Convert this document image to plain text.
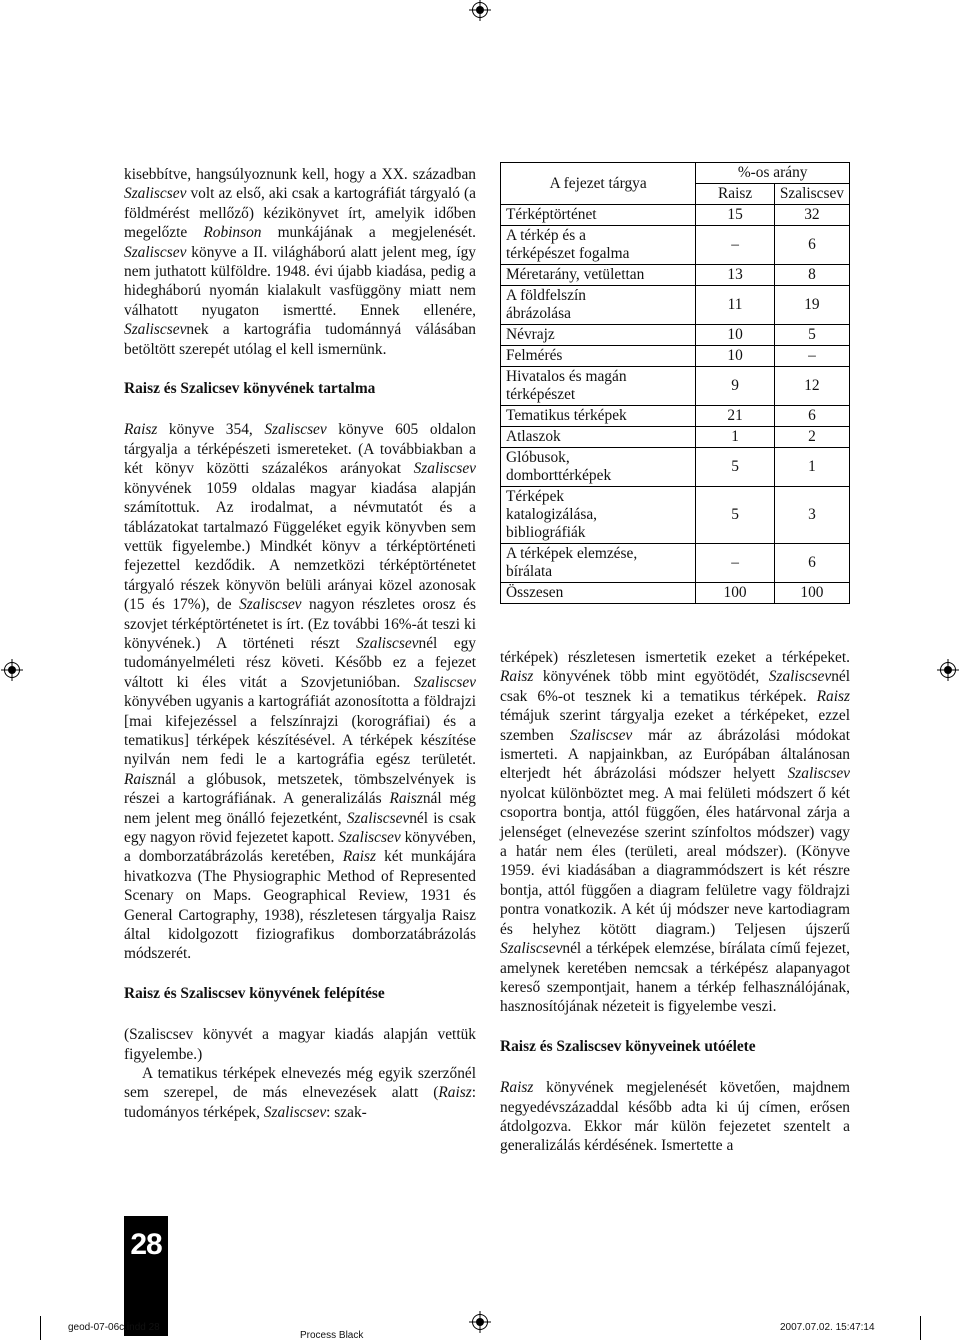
kisebbítve, hangsúlyoznunk kell, hogy a XX. században Szaliscsev volt az első, aki csak a kartográfiát tárgyaló (a földmérést mellőző) kézikönyvet írt, amelyik időben megelőzte Robinson munkájának a megjelenését. Szaliscsev könyve a II. világháború alatt jelent meg, így nem juthatott külföldre. 1948. évi újabb kiadása, pedig a hidegháború nyomán kialakult vasfüggöny miatt nem válhatott nyugaton ismertté. Ennek ellenére, Szaliscsevnek a kartográfia tudománnyá válásában betöltött szerepét utólag el kell ismernünk.

Raisz és Szalicsev könyvének tartalma

Raisz könyve 354, Szaliscsev könyve 605 oldalon tárgyalja a térképészeti ismereteket. (A továbbiakban a két könyv közötti százalékos arányokat Szaliscsev könyvének 1059 oldalas magyar kiadása alapján számítottuk. Az irodalmat, a névmutatót és a táblázatokat tartalmazó Függeléket egyik könyvben sem vettük figyelembe.) Mindkét könyv a térképtörténeti fejezettel kezdődik. A nemzetközi térképtörténetet tárgyaló részek könyvön belüli arányai közel azonosak (15 és 17%), de Szaliscsev nagyon részletes orosz és szovjet térképtörténetet is írt. (Ez további 16%-át teszi ki könyvének.) A történeti részt Szaliscsevnél egy tudományelméleti rész követi. Később ez a fejezet váltott ki éles vitát a Szovjetunióban. Szaliscsev könyvében ugyanis a kartográfiát azonosította a földrajzi [mai kifejezéssel a felszínrajzi (korográfiai) és a tematikus] térképek készítésével. A térképek készítése nyilván nem fedi le a kartográfia egész területét. Raisznál a glóbusok, metszetek, tömbszelvények is részei a kartográfiának. A generalizálás Raisznál még nem jelent meg önálló fejezetként, Szaliscsevnél is csak egy nagyon rövid fejezetet kapott. Szaliscsev könyvében, a domborzatábrázolás keretében, Raisz két munkájára hivatkozva (The Physiographic Method of Represented Scenary on Maps. Geographical Review, 1931 és General Cartography, 1938), részletesen tárgyalja Raisz által kidolgozott fiziografikus domborzatábrázolás módszerét.

Raisz és Szaliscsev könyvének felépítése

(Szaliscsev könyvét a magyar kiadás alapján vettük figyelembe.)

A tematikus térképek elnevezés még egyik szerzőnél sem szerepel, de más elnevezések alatt (Raisz: tudományos térképek, Szaliscsev: szak-

A fejezet tárgya	%-os arány	
	Raisz	Szaliscsev
Térképtörténet	15	32
A térkép és a
térképészet fogalma	–	6
Méretarány, vetülettan	13	8
A földfelszín
ábrázolása	11	19
Névrajz	10	5
Felmérés	10	–
Hivatalos és magán
térképészet	9	12
Tematikus térképek	21	6
Atlaszok	1	2
Glóbusok,
domborttérképek	5	1
Térképek
katalogizálása,
bibliográfiák	5	3
A térképek elemzése,
bírálata	–	6
Összesen	100	100

térképek) részletesen ismertetik ezeket a térképeket. Raisz könyvének több mint egyötödét, Szaliscsevnél csak 6%-ot tesznek ki a tematikus térképek. Raisz témájuk szerint tárgyalja ezeket a térképeket, ezzel szemben Szaliscsev már az ábrázolási módokat ismerteti. A napjainkban, az Európában általánosan elterjedt hét ábrázolási módszer helyett Szaliscsev nyolcat különböztet meg. A mai felületi módszert ő két csoportra bontja, attól függően, éles határvonal zárja a jelenséget (elnevezése szerint színfoltos módszer) vagy a határ nem éles (területi, areal módszer). (Könyve 1959. évi kiadásában a diagrammódszert is két részre bontja, attól függően a diagram felületre vagy földrajzi pontra vonatkozik. A két új módszer neve kartodiagram és helyhez kötött diagram.) Teljesen újszerű Szaliscsevnél a térképek elemzése, bírálata című fejezet, amelynek keretében nemcsak a térképész alapanyagot kereső szempontjait, hanem a térkép felhasználójának, hasznosítójának nézeteit is figyelembe veszi.

Raisz és Szaliscsev könyveinek utóélete

Raisz könyvének megjelenését követően, majdnem negyedévszázaddal később adta ki új címen, erősen átdolgozva. Ekkor már külön fejezetet szentelt a generalizálás kérdésének. Ismertette a

28
geod-07-06c.indd 28
Process Black
2007.07.02. 15:47:14
